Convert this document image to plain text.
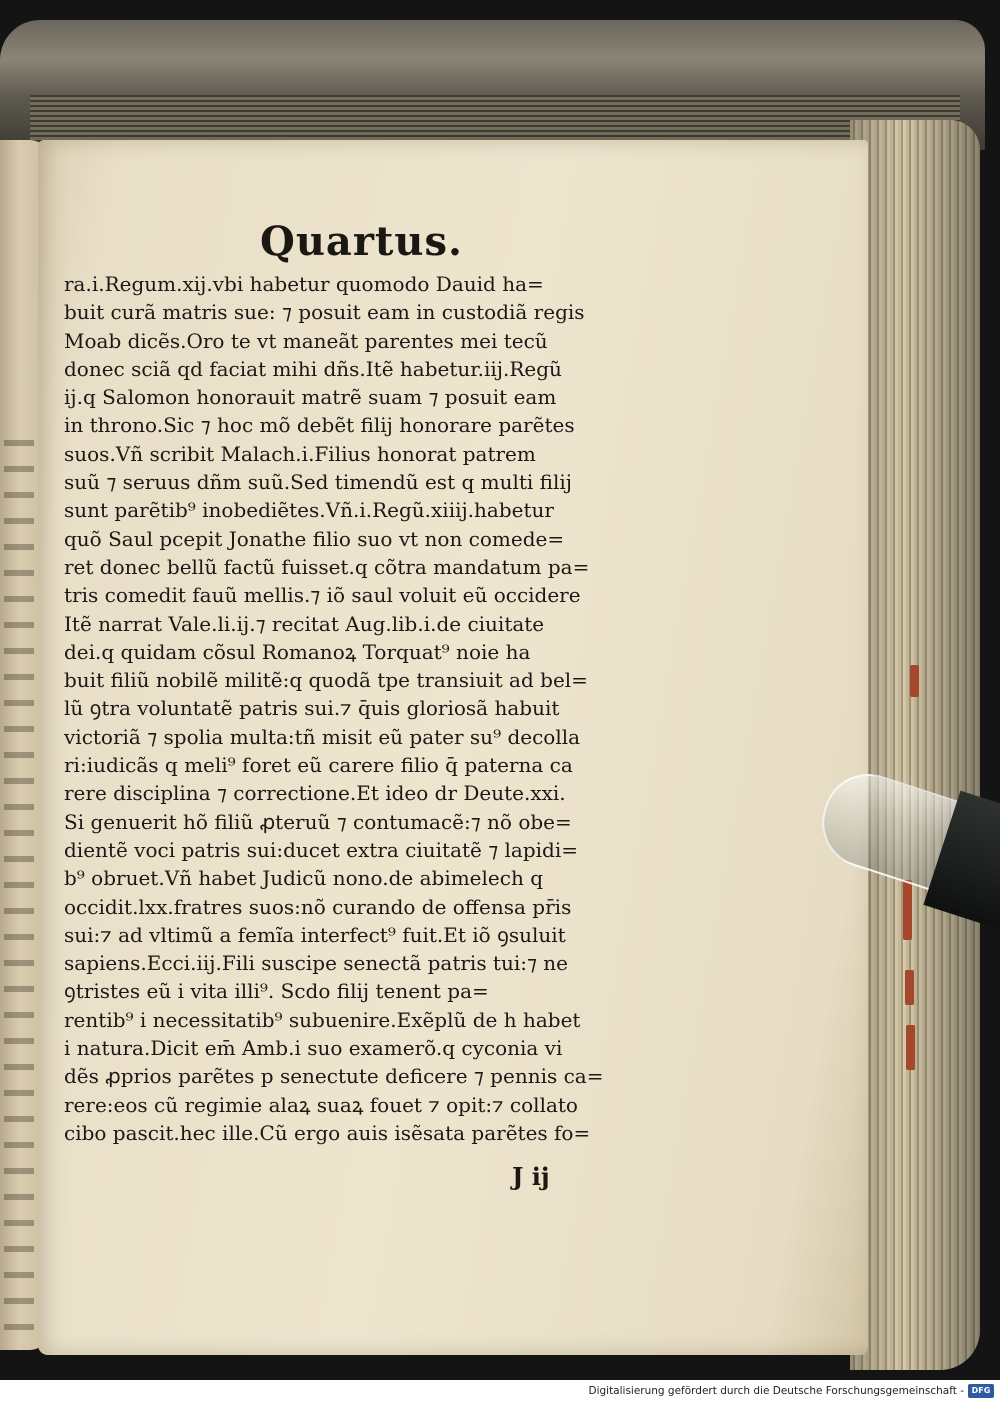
Quartus.
ra.i.Regum.xij.vbi habetur quomodo Dauid ha=
buit curã matris sue: ⁊ posuit eam in custodiã regis
Moab dicẽs.Oro te vt maneãt parentes mei tecũ
donec sciã qd faciat mihi dñs.Itẽ habetur.iij.Regũ
ij.q Salomon honorauit matrẽ suam ⁊ posuit eam
in throno.Sic ⁊ hoc mõ debẽt filij honorare parẽtes
suos.Vñ scribit Malach.i.Filius honorat patrem
suũ ⁊ seruus dñm suũ.Sed timendũ est q multi filij
sunt parẽtib⁹ inobediẽtes.Vñ.i.Regũ.xiiij.habetur
quõ Saul pcepit Jonathe filio suo vt non comede=
ret donec bellũ factũ fuisset.q cõtra mandatum pa=
tris comedit fauũ mellis.⁊ iõ saul voluit eũ occidere
Itẽ narrat Vale.li.ij.⁊ recitat Aug.lib.i.de ciuitate
dei.q quidam cõsul Romanoꝝ Torquat⁹ noie ha
buit filiũ nobilẽ militẽ:q quodã tpe transiuit ad bel=
lũ ꝯtra voluntatẽ patris sui.⁊ q̄uis gloriosã habuit
victoriã ⁊ spolia multa:tñ misit eũ pater su⁹ decolla
ri:iudicãs q meli⁹ foret eũ carere filio q̄ paterna ca
rere disciplina ⁊ correctione.Et ideo dr Deute.xxi.
Si genuerit hõ filiũ ꝓteruũ ⁊ contumacẽ:⁊ nõ obe=
dientẽ voci patris sui:ducet extra ciuitatẽ ⁊ lapidi=
b⁹ obruet.Vñ habet Judicũ nono.de abimelech q
occidit.lxx.fratres suos:nõ curando de offensa pr̄is
sui:⁊ ad vltimũ a femĩa interfect⁹ fuit.Et iõ ꝯsuluit
sapiens.Ecci.iij.Fili suscipe senectã patris tui:⁊ ne
ꝯtristes eũ i vita illi⁹. Scdo filij tenent pa=
rentib⁹ i necessitatib⁹ subuenire.Exẽplũ de h habet
i natura.Dicit em̄ Amb.i suo examerõ.q cyconia vi
dẽs ꝓprios parẽtes p senectute deficere ⁊ pennis ca=
rere:eos cũ regimie alaꝝ suaꝝ fouet ⁊ opit:⁊ collato
cibo pascit.hec ille.Cũ ergo auis isẽsata parẽtes fo=
J ij
Digitalisierung gefördert durch die Deutsche Forschungsgemeinschaft - DFG
